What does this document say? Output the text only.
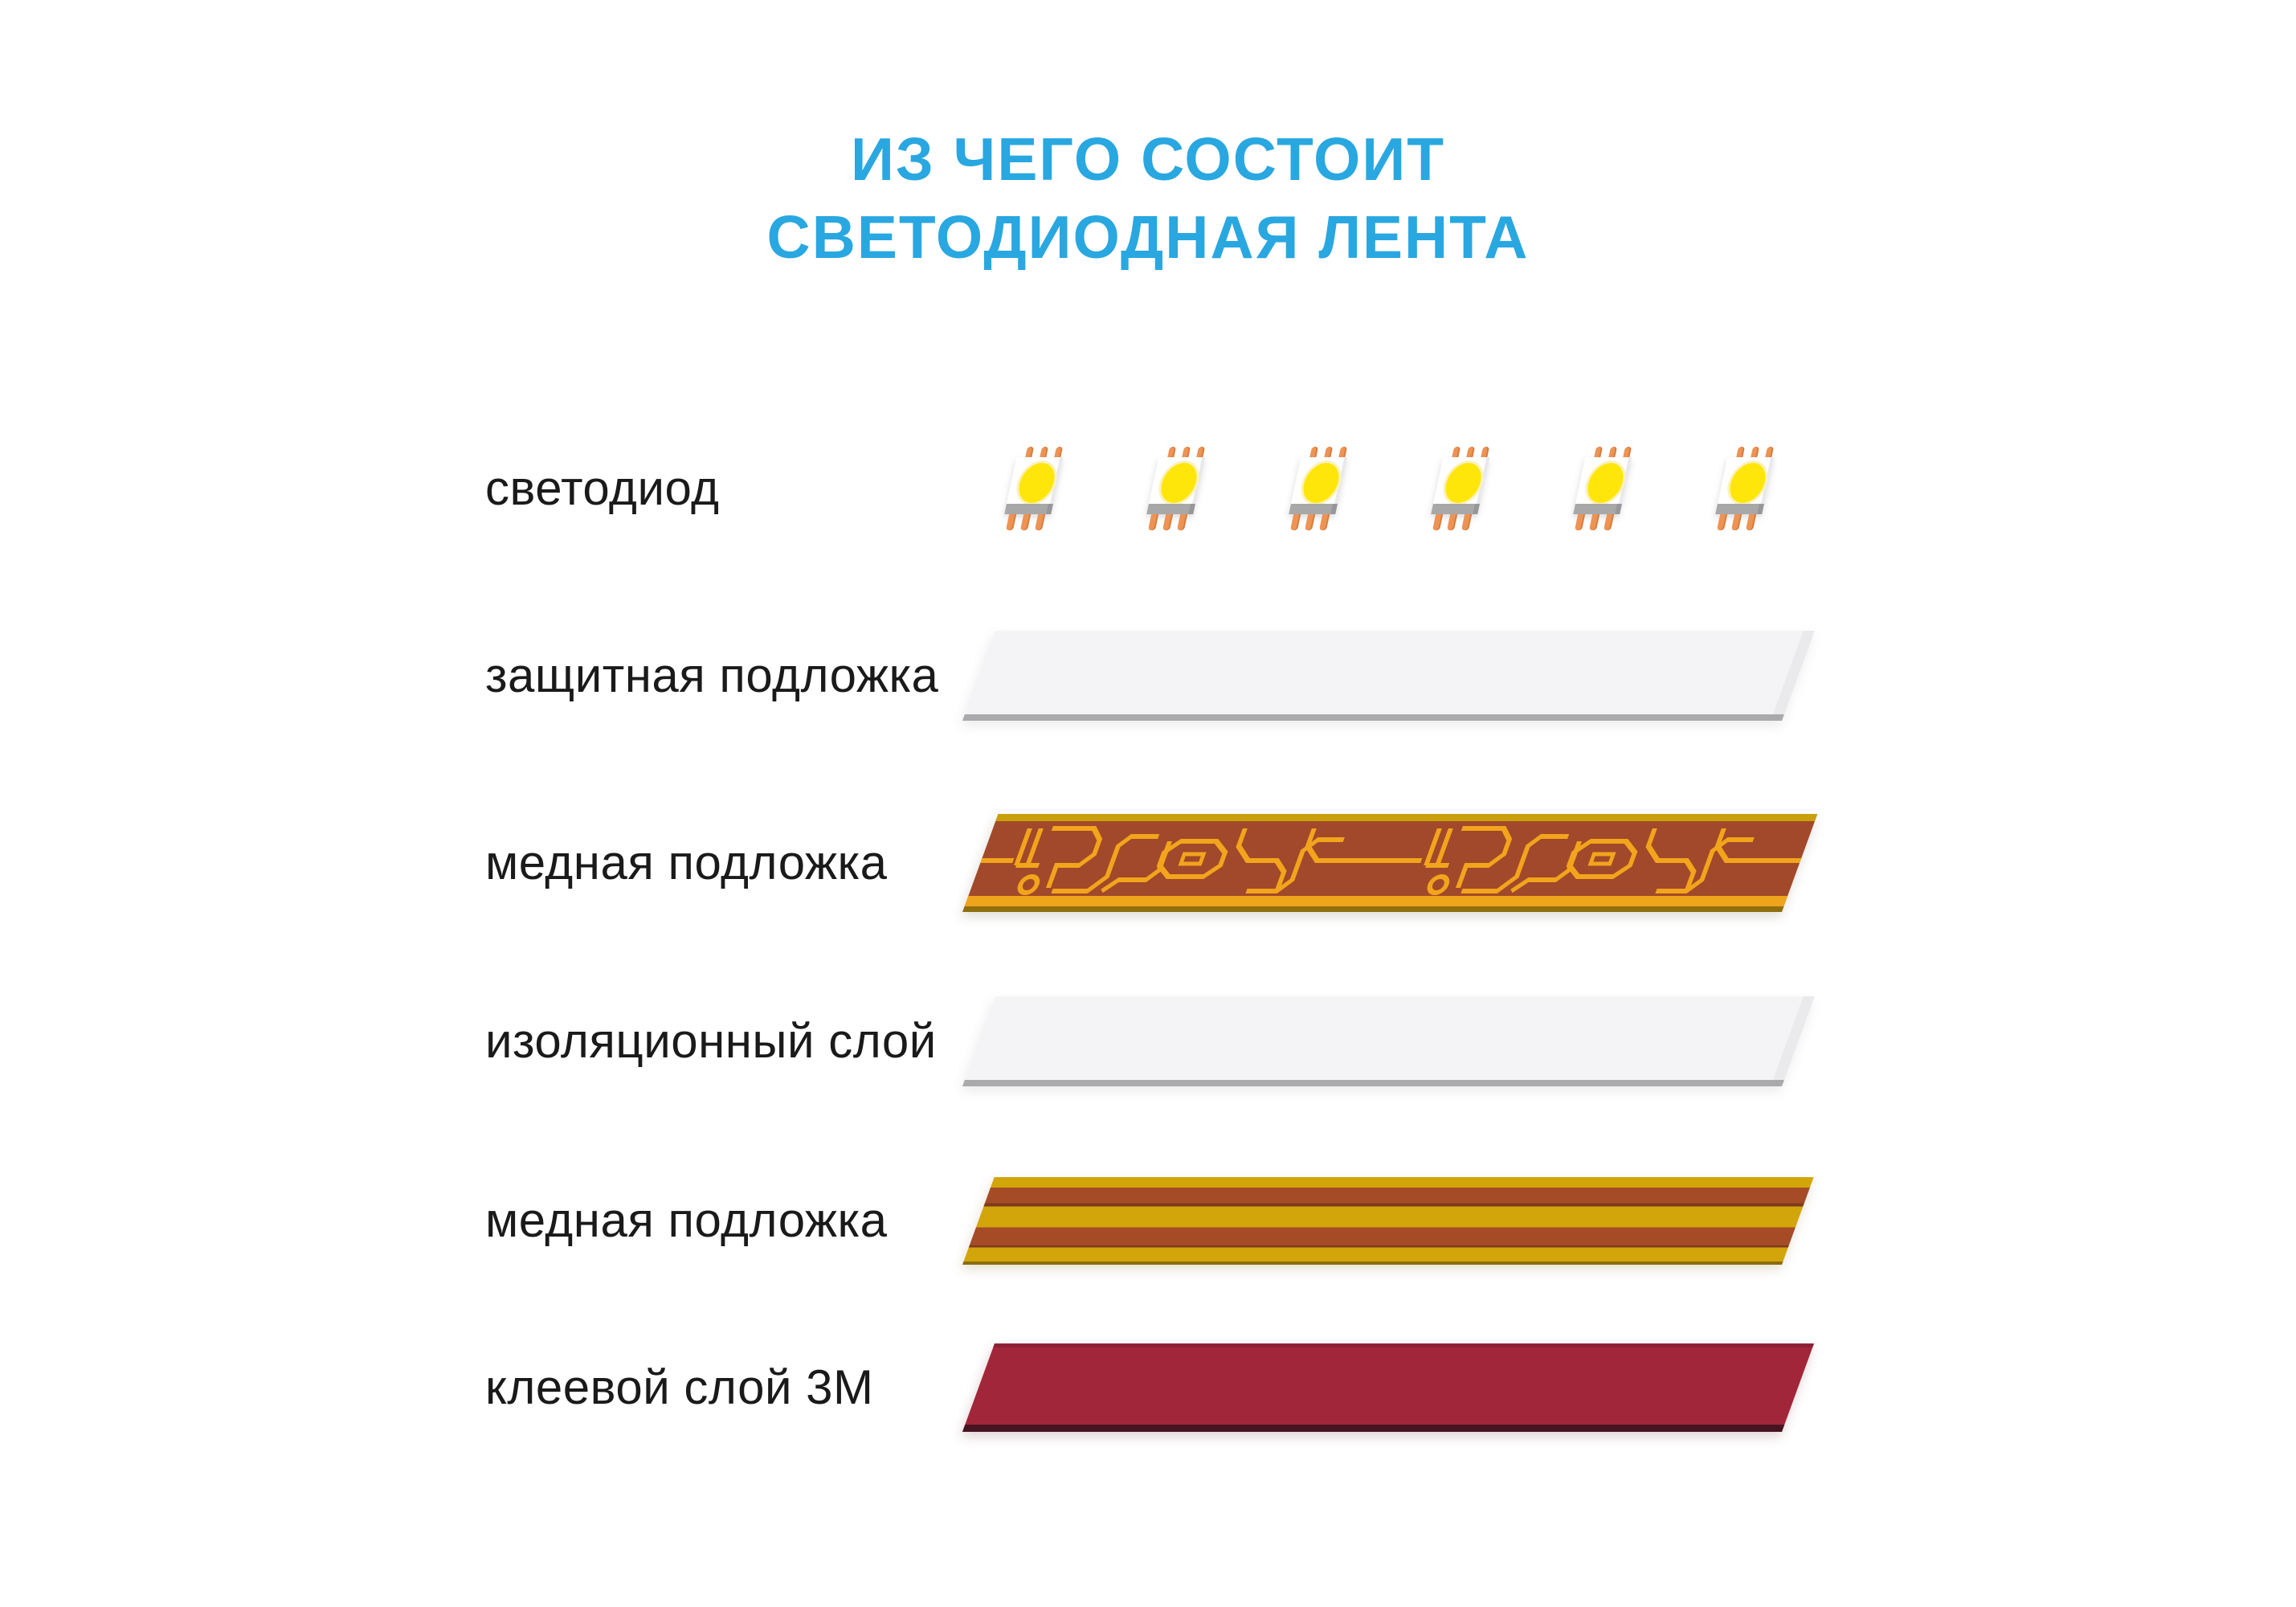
ИЗ ЧЕГО СОСТОИТ
СВЕТОДИОДНАЯ ЛЕНТА
светодиод
защитная подложка
медная подложка
изоляционный слой
медная подложка
клеевой слой 3М
